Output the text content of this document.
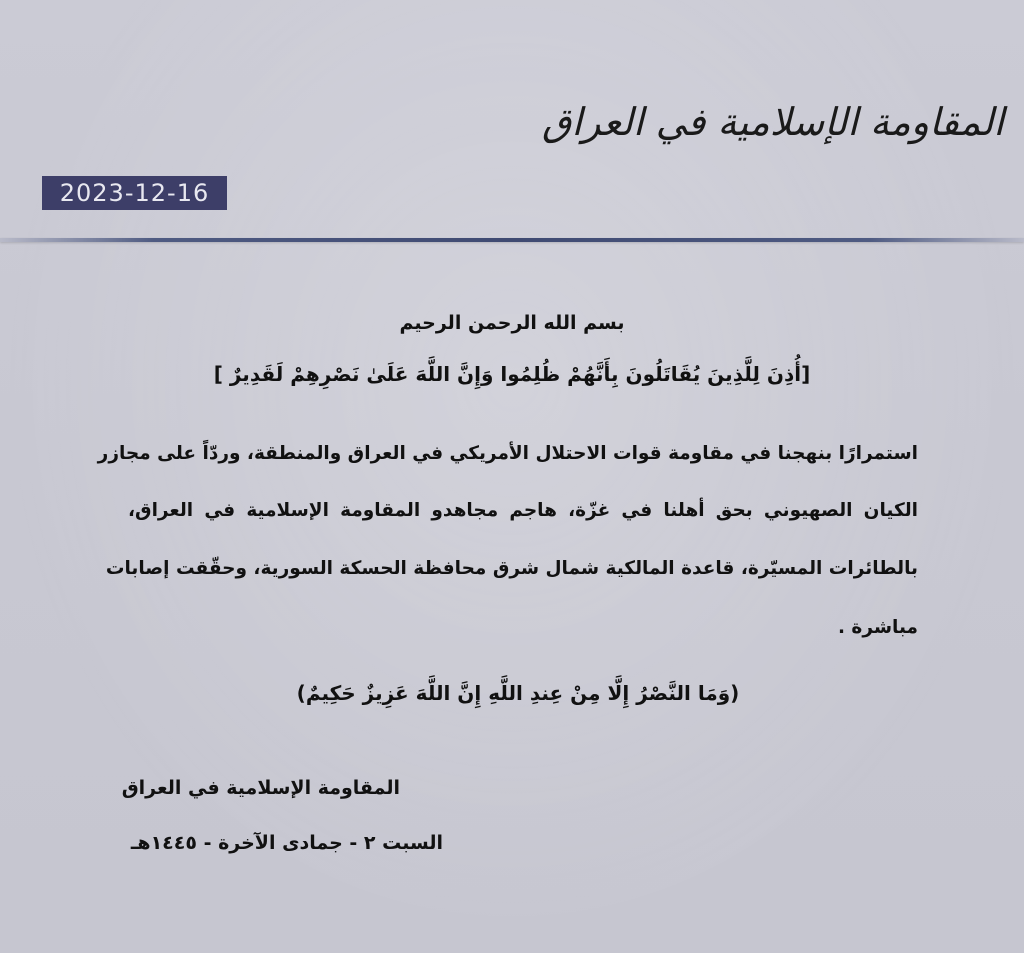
المقاومة الإسلامية في العراق
2023-12-16
بسم الله الرحمن الرحيم
[أُذِنَ لِلَّذِينَ يُقَاتَلُونَ بِأَنَّهُمْ ظُلِمُوا وَإِنَّ اللَّهَ عَلَىٰ نَصْرِهِمْ لَقَدِيرٌ ]
استمرارًا بنهجنا في مقاومة قوات الاحتلال الأمريكي في العراق والمنطقة، وردّاً على مجازر
الكيان الصهيوني بحق أهلنا في غزّة، هاجم مجاهدو المقاومة الإسلامية في العراق،
بالطائرات المسيّرة، قاعدة المالكية شمال شرق محافظة الحسكة السورية، وحقّقت إصابات
مباشرة .
(وَمَا النَّصْرُ إِلَّا مِنْ عِندِ اللَّهِ إِنَّ اللَّهَ عَزِيزٌ حَكِيمٌ)
المقاومة الإسلامية في العراق
السبت ٢ - جمادى الآخرة - ١٤٤٥هـ
